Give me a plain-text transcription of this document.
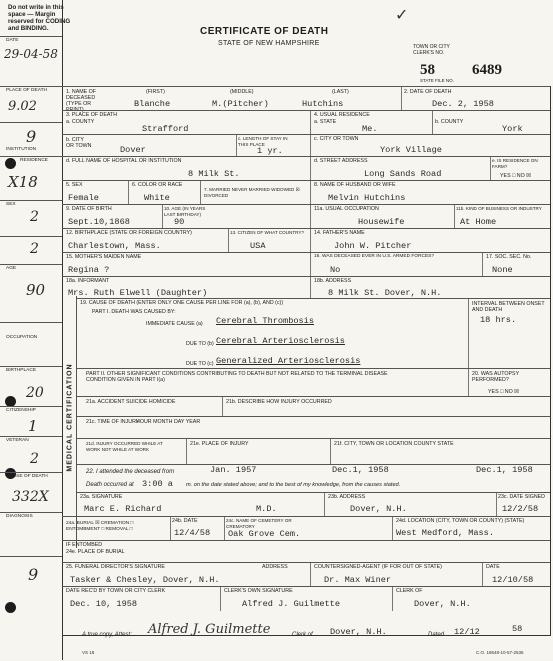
Do not write in this space — Margin reserved for CODING and BINDING.
DATE
29-04-58
PLACE OF DEATH
9.02
INSTITUTION
9
RESIDENCE
X18
SEX
2
2
AGE
90
OCCUPATION
BIRTHPLACE
20
CITIZENSHIP
1
VETERAN
2
CAUSE OF DEATH
332X
DIAGNOSIS
9
✓
CERTIFICATE OF DEATH
STATE OF NEW HAMPSHIRE	TOWN OR CITY CLERK'S NO.
58 6489
STATE FILE NO.
1. NAME OF DECEASED (TYPE OR PRINT)
(FIRST)	(MIDDLE)	(LAST)
Blanche	M.(Pitcher)	Hutchins
2. DATE OF DEATH
Dec. 2, 1958
3. PLACE OF DEATH
a. COUNTY
Strafford
4. USUAL RESIDENCE
a. STATE
Me.
b. COUNTY
York
b. CITY OR TOWN	Dover
c. LENGTH OF STAY IN THIS PLACE
1 yr.
c. CITY OR TOWN
York Village
d. FULL NAME OF HOSPITAL OR INSTITUTION
8 Milk St.
d. STREET ADDRESS
Long Sands Road
e. IS RESIDENCE ON FARM?
YES □ NO ☒
5. SEX
Female
6. COLOR OR RACE
White
7. MARRIED NEVER MARRIED WIDOWED ☒ DIVORCED
8. NAME OF HUSBAND OR WIFE
Melvin Hutchins
9. DATE OF BIRTH
Sept.10,1868
10. AGE (IN YEARS LAST BIRTHDAY)
90
11a. USUAL OCCUPATION
Housewife
11b. KIND OF BUSINESS OR INDUSTRY
At Home
12. BIRTHPLACE (STATE OR FOREIGN COUNTRY)
Charlestown, Mass.
13. CITIZEN OF WHAT COUNTRY?
USA
14. FATHER'S NAME
John W. Pitcher
15. MOTHER'S MAIDEN NAME
Regina ?
16. WAS DECEASED EVER IN U.S. ARMED FORCES?
No
17. SOC. SEC. No.
None
18a. INFORMANT
Mrs. Ruth Elwell (Daughter)
18b. ADDRESS
8 Milk St. Dover, N.H.
MEDICAL CERTIFICATION
19. CAUSE OF DEATH (ENTER ONLY ONE CAUSE PER LINE FOR (a), (b), AND (c))
PART I. DEATH WAS CAUSED BY:
IMMEDIATE CAUSE (a) Cerebral Thrombosis
DUE TO (b) Cerebral Arteriosclerosis
DUE TO (c) Generalized Arteriosclerosis
INTERVAL BETWEEN ONSET AND DEATH
18 hrs.
PART II. OTHER SIGNIFICANT CONDITIONS CONTRIBUTING TO DEATH BUT NOT RELATED TO THE TERMINAL DISEASE CONDITION GIVEN IN PART I(a)
20. WAS AUTOPSY PERFORMED?
YES □ NO ☒
21a. ACCIDENT SUICIDE HOMICIDE	21b. DESCRIBE HOW INJURY OCCURRED
21c. TIME OF INJURY
HOUR MONTH DAY YEAR
21d. INJURY OCCURRED WHILE AT WORK NOT WHILE AT WORK
21e. PLACE OF INJURY	21f. CITY, TOWN OR LOCATION COUNTY STATE
22. I attended the deceased from	Jan. 1957	Dec.1, 1958	Dec.1, 1958
Death occurred at 3:00 a m. on the date stated above; and to the best of my knowledge, from the causes stated.
23a. SIGNATURE
Marc E. Richard	M.D.
23b. ADDRESS
Dover, N.H.
23c. DATE SIGNED
12/2/58
24a. BURIAL ☒ CREMATION □ ENTOMBMENT □ REMOVAL □
24b. DATE
12/4/58
24c. NAME OF CEMETERY OR CREMATORY
Oak Grove Cem.
24d. LOCATION (CITY, TOWN OR COUNTY) (STATE)
West Medford, Mass.
IF ENTOMBED
24e. PLACE OF BURIAL
25. FUNERAL DIRECTOR'S SIGNATURE
Tasker & Chesley, Dover, N.H.
ADDRESS	COUNTERSIGNED-AGENT (IF FOR OUT OF STATE)
Dr. Max Winer
DATE
12/10/58
DATE REC'D BY TOWN OR CITY CLERK
Dec. 10, 1958
CLERK'S OWN SIGNATURE
Alfred J. Guilmette
CLERK OF
Dover, N.H.
A true copy, Attest: Alfred J. Guilmette	Clerk of Dover, N.H.	Dated 12/12	58
VS 18	C.O. 18648-10-57-2536
